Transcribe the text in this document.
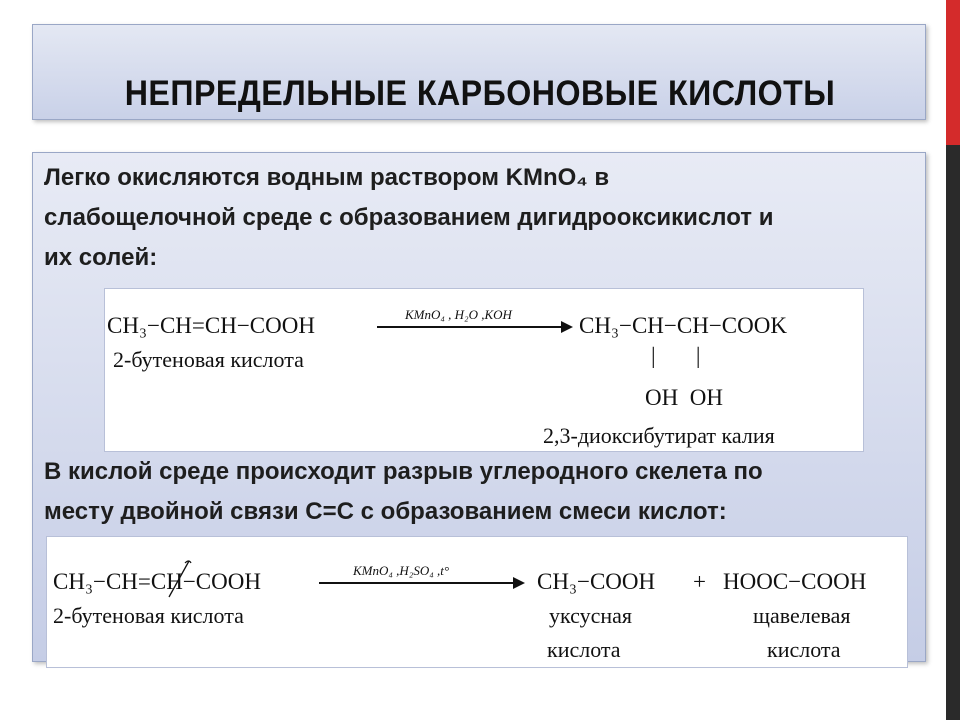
НЕПРЕДЕЛЬНЫЕ КАРБОНОВЫЕ КИСЛОТЫ
Легко окисляются водным раствором KMnO₄ в
слабощелочной среде с образованием дигидрооксикислот и
их солей:
CH₃−CH=CH−COOH	KMnO₄ , H₂O ,KOH	CH₃−CH−CH−COOK
|       |
OH  OH
2-бутеновая кислота
2,3-диоксибутират калия
В кислой среде происходит разрыв углеродного скелета по
месту двойной связи С=С с образованием смеси кислот:
CH₃−CH=CH−COOH	KMnO₄ ,H₂SO₄ ,t°	CH₃−COOH + HOOC−COOH
2-бутеновая кислота	уксусная
кислота
щавелевая
кислота
